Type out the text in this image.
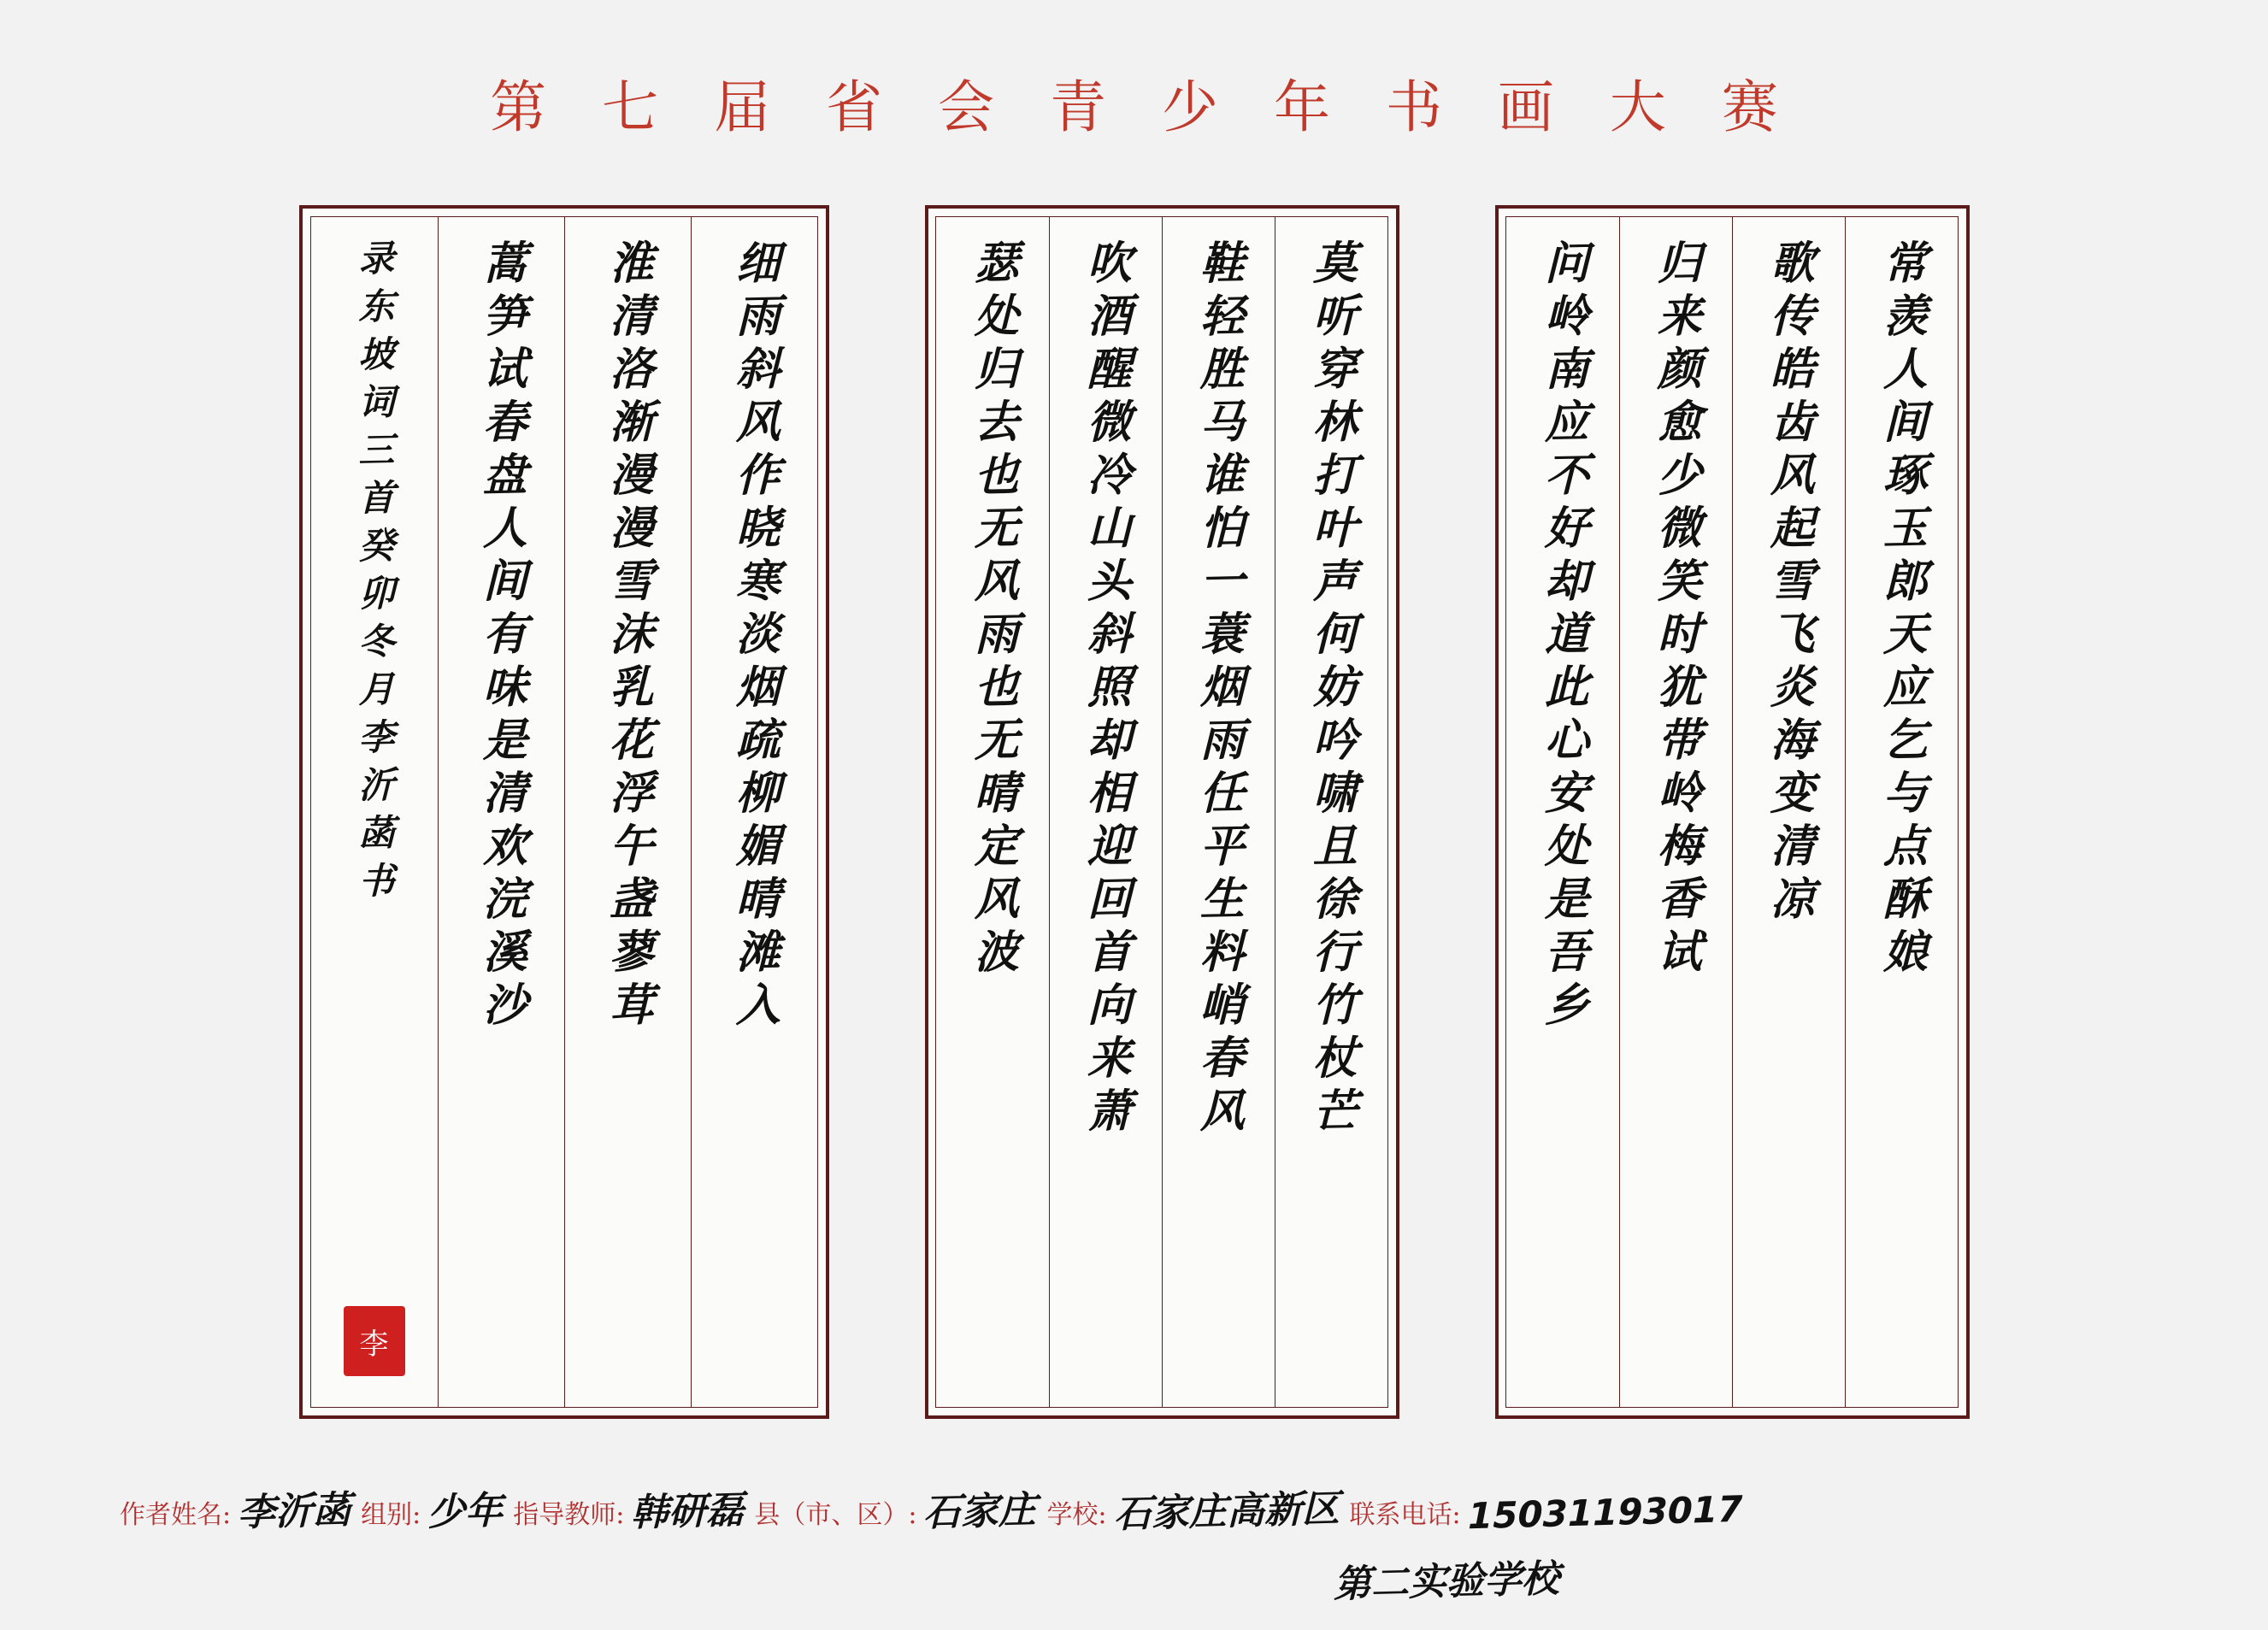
第 七 届 省 会 青 少 年 书 画 大 赛
细雨斜风作晓寒淡烟疏柳媚晴滩入
淮清洛渐漫漫雪沫乳花浮午盏蓼茸
蒿笋试春盘人间有味是清欢浣溪沙
录东坡词三首癸卯冬月李沂菡书
李
莫听穿林打叶声何妨吟啸且徐行竹杖芒
鞋轻胜马谁怕一蓑烟雨任平生料峭春风
吹酒醒微冷山头斜照却相迎回首向来萧
瑟处归去也无风雨也无晴定风波	常羡人间琢玉郎天应乞与点酥娘
歌传皓齿风起雪飞炎海变清凉
归来颜愈少微笑时犹带岭梅香试
问岭南应不好却道此心安处是吾乡
作者姓名: 李沂菡 组别: 少年 指导教师: 韩研磊 县（市、区）: 石家庄 学校: 石家庄高新区 联系电话: 15031193017
第二实验学校
